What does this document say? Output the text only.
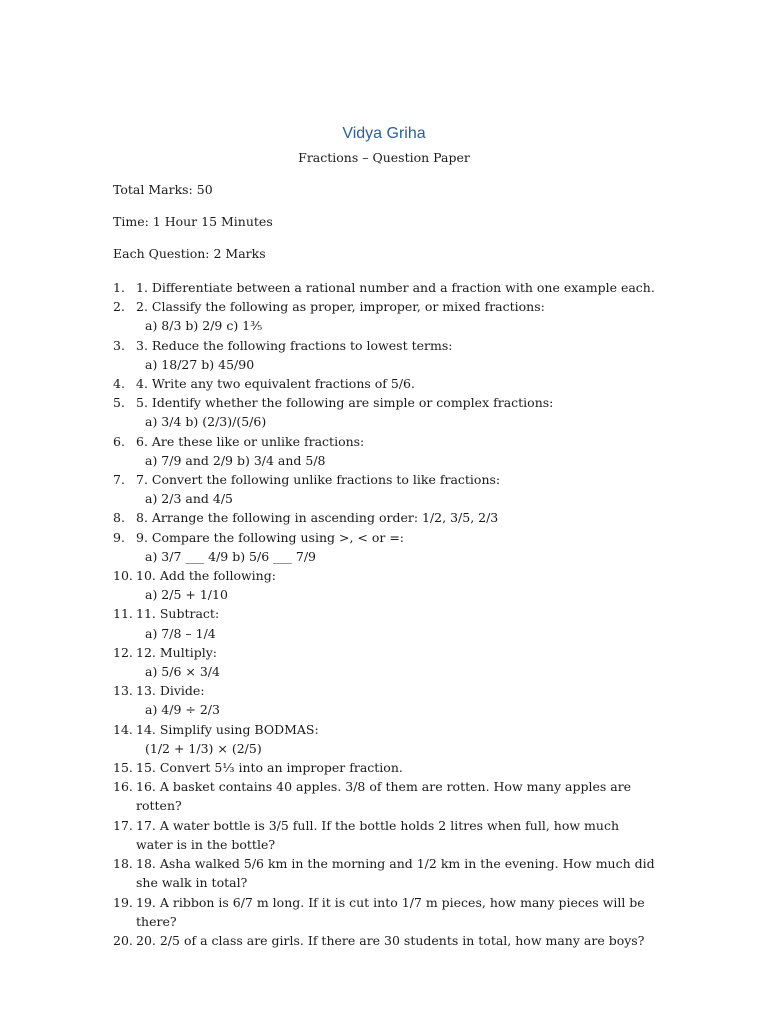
Vidya Griha
Fractions – Question Paper
Total Marks: 50
Time: 1 Hour 15 Minutes
Each Question: 2 Marks
1. 1. Differentiate between a rational number and a fraction with one example each.
2. 2. Classify the following as proper, improper, or mixed fractions:
a) 8/3 b) 2/9 c) 1⅗
3. 3. Reduce the following fractions to lowest terms:
a) 18/27 b) 45/90
4. 4. Write any two equivalent fractions of 5/6.
5. 5. Identify whether the following are simple or complex fractions:
a) 3/4 b) (2/3)/(5/6)
6. 6. Are these like or unlike fractions:
a) 7/9 and 2/9 b) 3/4 and 5/8
7. 7. Convert the following unlike fractions to like fractions:
a) 2/3 and 4/5
8. 8. Arrange the following in ascending order: 1/2, 3/5, 2/3
9. 9. Compare the following using >, < or =:
a) 3/7 ___ 4/9 b) 5/6 ___ 7/9
10. 10. Add the following:
a) 2/5 + 1/10
11. 11. Subtract:
a) 7/8 – 1/4
12. 12. Multiply:
a) 5/6 × 3/4
13. 13. Divide:
a) 4/9 ÷ 2/3
14. 14. Simplify using BODMAS:
(1/2 + 1/3) × (2/5)
15. 15. Convert 5⅓ into an improper fraction.
16. 16. A basket contains 40 apples. 3/8 of them are rotten. How many apples are rotten?
17. 17. A water bottle is 3/5 full. If the bottle holds 2 litres when full, how much water is in the bottle?
18. 18. Asha walked 5/6 km in the morning and 1/2 km in the evening. How much did she walk in total?
19. 19. A ribbon is 6/7 m long. If it is cut into 1/7 m pieces, how many pieces will be there?
20. 20. 2/5 of a class are girls. If there are 30 students in total, how many are boys?
